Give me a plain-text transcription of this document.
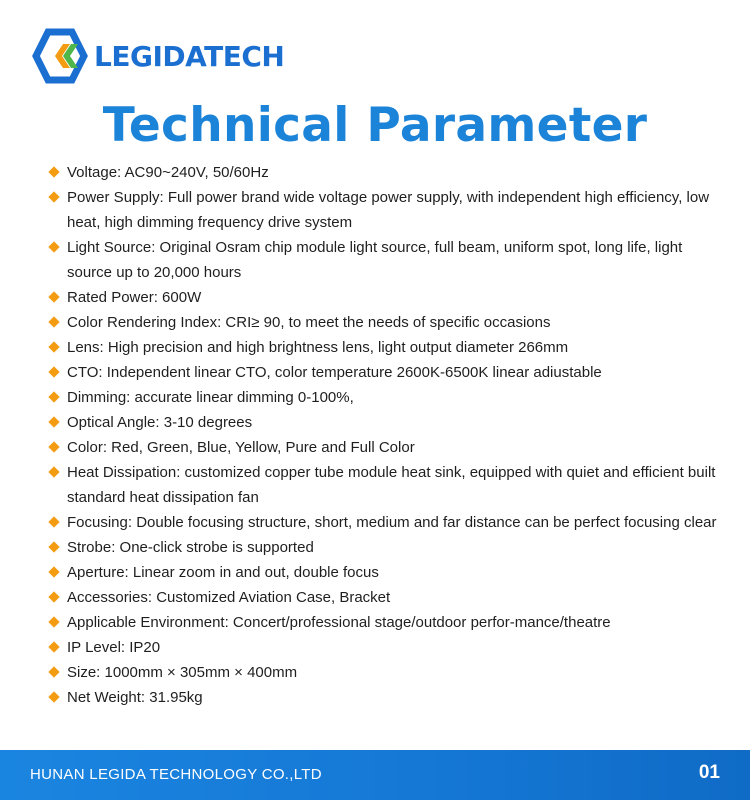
LEGIDATECH
Technical Parameter
Voltage: AC90~240V, 50/60Hz
Power Supply: Full power brand wide voltage power supply, with independent high efficiency, low heat, high dimming frequency drive system
Light Source: Original Osram chip module light source, full beam, uniform spot, long life, light source up to 20,000 hours
Rated Power: 600W
Color Rendering Index: CRI≥ 90, to meet the needs of specific occasions
Lens: High precision and high brightness lens, light output diameter 266mm
CTO: Independent linear CTO, color temperature 2600K-6500K linear adiustable
Dimming: accurate linear dimming 0-100%,
Optical Angle: 3-10 degrees
Color: Red, Green, Blue, Yellow, Pure and Full Color
Heat Dissipation: customized copper tube module heat sink, equipped with quiet and efficient built standard heat dissipation fan
Focusing: Double focusing structure, short, medium and far distance can be perfect focusing clear
Strobe: One-click strobe is supported
Aperture: Linear zoom in and out, double focus
Accessories: Customized Aviation Case, Bracket
Applicable Environment: Concert/professional stage/outdoor perfor-mance/theatre
IP Level: IP20
Size: 1000mm × 305mm × 400mm
Net Weight: 31.95kg
HUNAN LEGIDA TECHNOLOGY CO.,LTD	01
